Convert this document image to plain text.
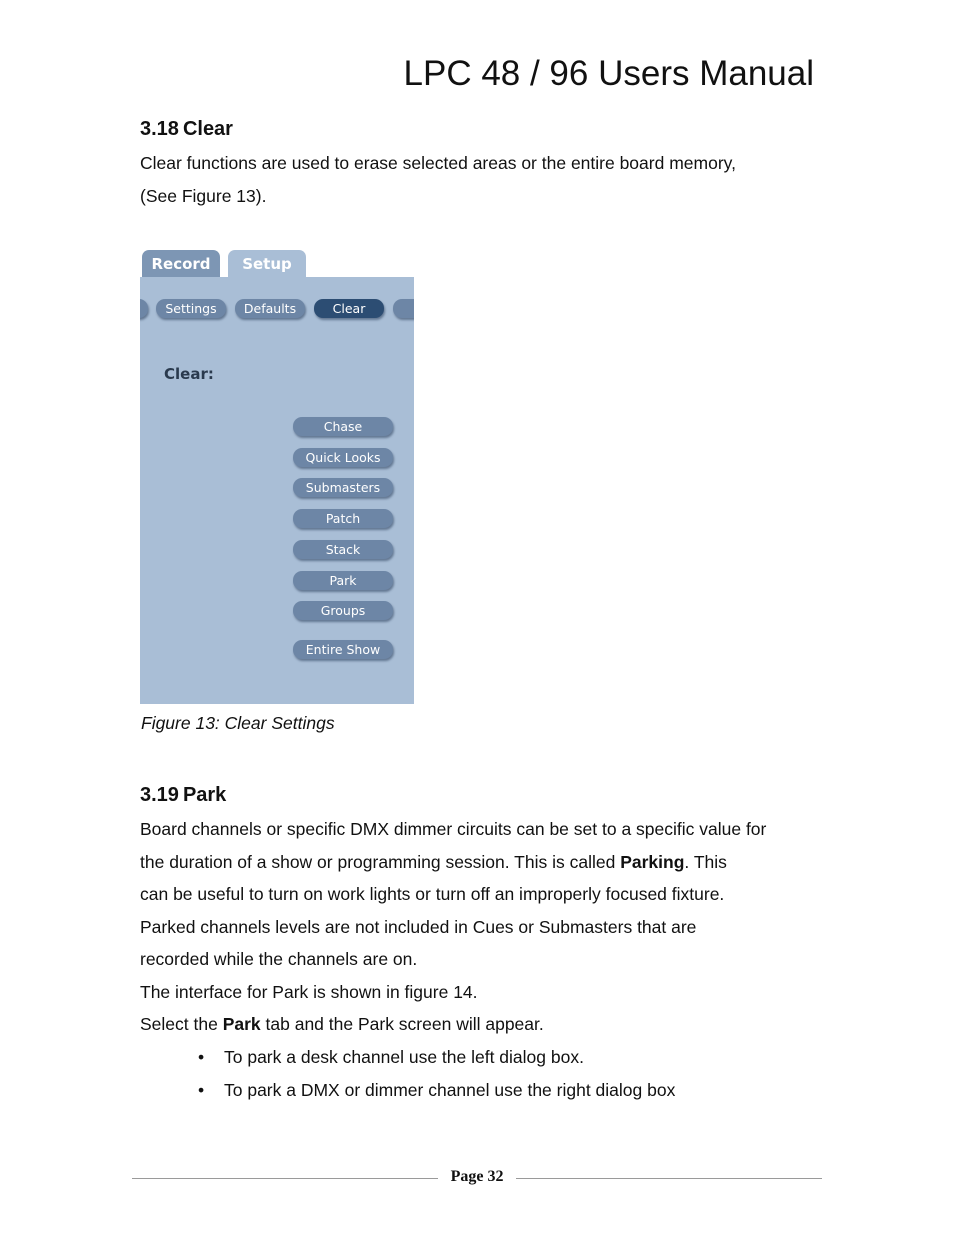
LPC 48 / 96 Users Manual
3.18 Clear

Clear functions are used to erase selected areas or the entire board memory,

(See Figure 13).

Record	Setup
Settings	Defaults	Clear
Clear:
Chase
Quick Looks
Submasters
Patch
Stack
Park
Groups
Entire Show

Figure 13: Clear Settings

3.19 Park

Board channels or specific DMX dimmer circuits can be set to a specific value for

the duration of a show or programming session. This is called Parking. This

can be useful to turn on work lights or turn off an improperly focused fixture.

Parked channels levels are not included in Cues or Submasters that are

recorded while the channels are on.

The interface for Park is shown in figure 14.

Select the Park tab and the Park screen will appear.

• To park a desk channel use the left dialog box.
• To park a DMX or dimmer channel use the right dialog box
Page 32
